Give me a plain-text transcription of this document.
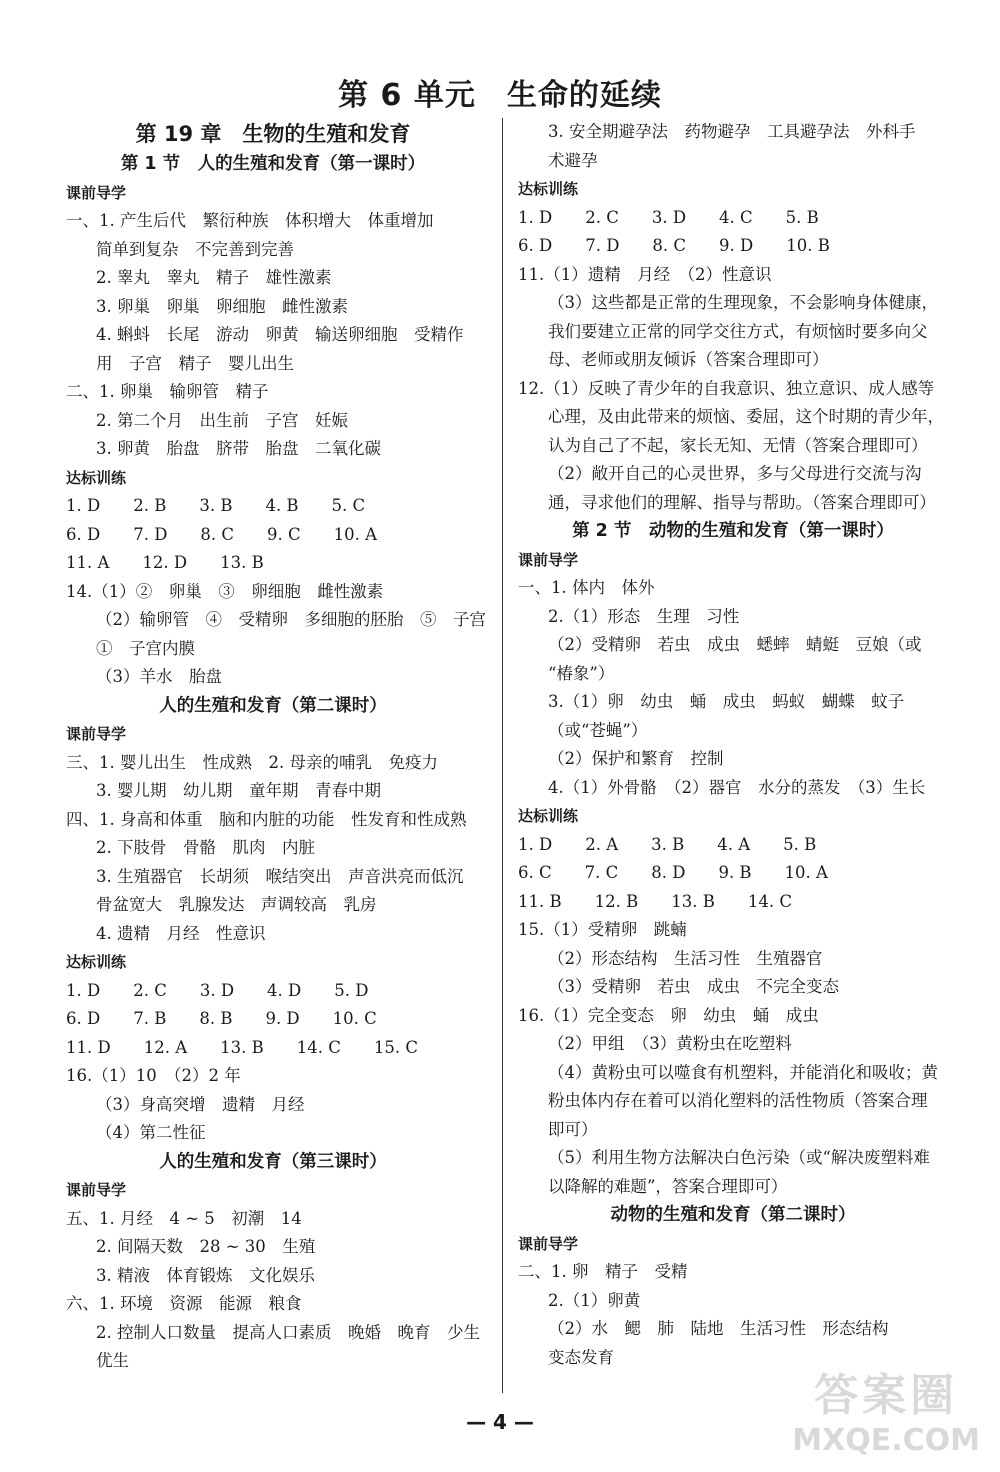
第 6 单元　生命的延续
第 19 章　生物的生殖和发育
第 1 节　人的生殖和发育（第一课时）
课前导学
一、1. 产生后代　繁衍种族　体积增大　体重增加
简单到复杂　不完善到完善
2. 睾丸　睾丸　精子　雄性激素
3. 卵巢　卵巢　卵细胞　雌性激素
4. 蝌蚪　长尾　游动　卵黄　输送卵细胞　受精作
用　子宫　精子　婴儿出生
二、1. 卵巢　输卵管　精子
2. 第二个月　出生前　子宫　妊娠
3. 卵黄　胎盘　脐带　胎盘　二氧化碳
达标训练
1. D　　2. B　　3. B　　4. B　　5. C
6. D　　7. D　　8. C　　9. C　　10. A
11. A　　12. D　　13. B
14.（1）②　卵巢　③　卵细胞　雌性激素
（2）输卵管　④　受精卵　多细胞的胚胎　⑤　子宫
①　子宫内膜
（3）羊水　胎盘
人的生殖和发育（第二课时）
课前导学
三、1. 婴儿出生　性成熟　2. 母亲的哺乳　免疫力
3. 婴儿期　幼儿期　童年期　青春中期
四、1. 身高和体重　脑和内脏的功能　性发育和性成熟
2. 下肢骨　骨骼　肌肉　内脏
3. 生殖器官　长胡须　喉结突出　声音洪亮而低沉
骨盆宽大　乳腺发达　声调较高　乳房
4. 遗精　月经　性意识
达标训练
1. D　　2. C　　3. D　　4. D　　5. D
6. D　　7. B　　8. B　　9. D　　10. C
11. D　　12. A　　13. B　　14. C　　15. C
16.（1）10　（2）2 年
（3）身高突增　遗精　月经
（4）第二性征
人的生殖和发育（第三课时）
课前导学
五、1. 月经　4 ~ 5　初潮　14
2. 间隔天数　28 ~ 30　生殖
3. 精液　体育锻炼　文化娱乐
六、1. 环境　资源　能源　粮食
2. 控制人口数量　提高人口素质　晚婚　晚育　少生
优生
3. 安全期避孕法　药物避孕　工具避孕法　外科手
术避孕
达标训练
1. D　　2. C　　3. D　　4. C　　5. B
6. D　　7. D　　8. C　　9. D　　10. B
11.（1）遗精　月经　（2）性意识
（3）这些都是正常的生理现象，不会影响身体健康，
我们要建立正常的同学交往方式，有烦恼时要多向父
母、老师或朋友倾诉（答案合理即可）
12.（1）反映了青少年的自我意识、独立意识、成人感等
心理，及由此带来的烦恼、委屈，这个时期的青少年，
认为自己了不起，家长无知、无情（答案合理即可）
（2）敞开自己的心灵世界，多与父母进行交流与沟
通，寻求他们的理解、指导与帮助。（答案合理即可）
第 2 节　动物的生殖和发育（第一课时）
课前导学
一、1. 体内　体外
2.（1）形态　生理　习性
（2）受精卵　若虫　成虫　蟋蟀　蜻蜓　豆娘（或
“椿象”）
3.（1）卵　幼虫　蛹　成虫　蚂蚁　蝴蝶　蚊子
（或“苍蝇”）
（2）保护和繁育　控制
4.（1）外骨骼　（2）器官　水分的蒸发　（3）生长
达标训练
1. D　　2. A　　3. B　　4. A　　5. B
6. C　　7. C　　8. D　　9. B　　10. A
11. B　　12. B　　13. B　　14. C
15.（1）受精卵　跳蝻
（2）形态结构　生活习性　生殖器官
（3）受精卵　若虫　成虫　不完全变态
16.（1）完全变态　卵　幼虫　蛹　成虫
（2）甲组　（3）黄粉虫在吃塑料
（4）黄粉虫可以噬食有机塑料，并能消化和吸收；黄
粉虫体内存在着可以消化塑料的活性物质（答案合理
即可）
（5）利用生物方法解决白色污染（或“解决废塑料难
以降解的难题”，答案合理即可）
动物的生殖和发育（第二课时）
课前导学
二、1. 卵　精子　受精
2.（1）卵黄
（2）水　鳃　肺　陆地　生活习性　形态结构
变态发育
— 4 —
答案圈
MXQE.COM
